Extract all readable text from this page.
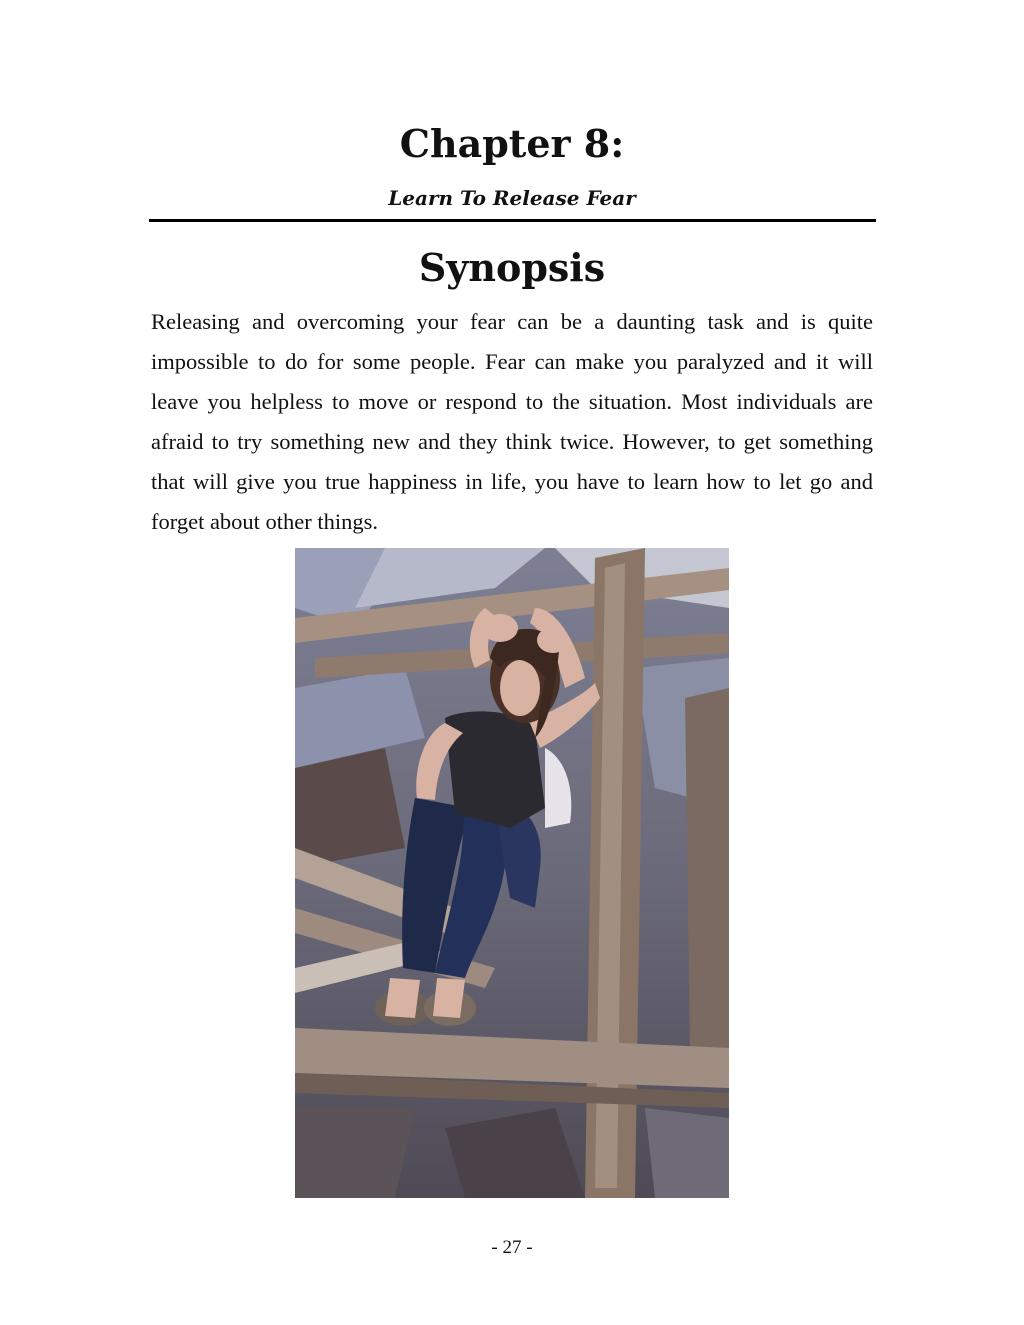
Chapter 8:

Learn To Release Fear

Synopsis

Releasing and overcoming your fear can be a daunting task and is quite impossible to do for some people. Fear can make you paralyzed and it will leave you helpless to move or respond to the situation. Most individuals are afraid to try something new and they think twice. However, to get something that will give you true happiness in life, you have to learn how to let go and forget about other things.

- 27 -
